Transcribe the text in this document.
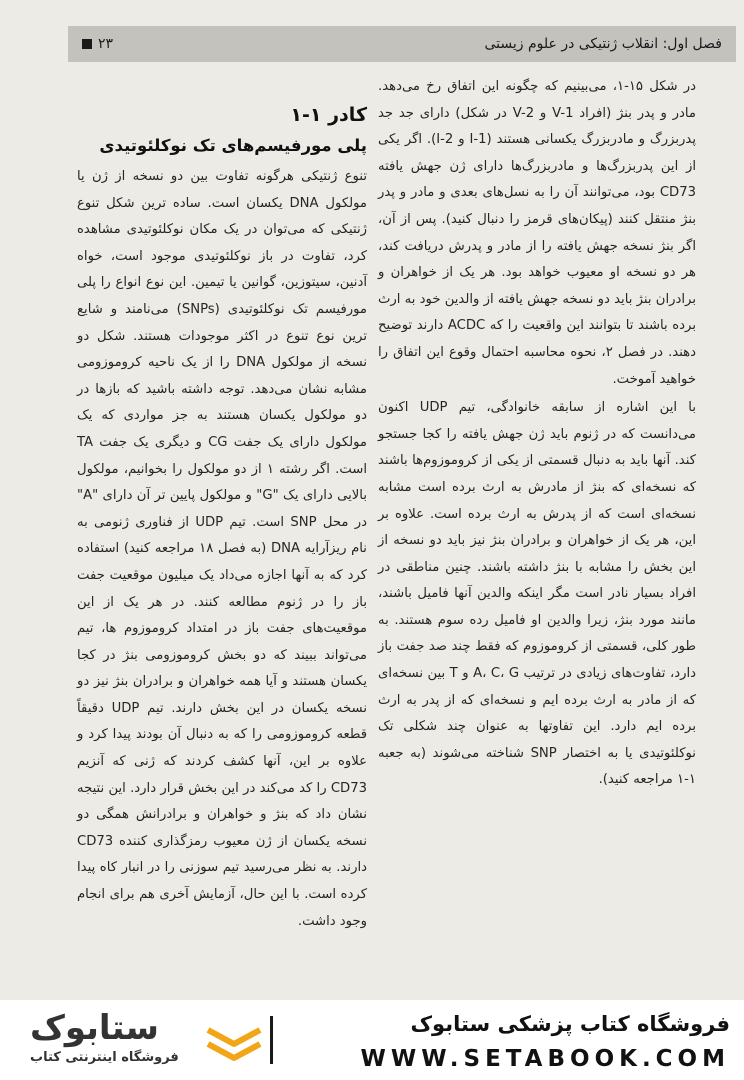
فصل اول: انقلاب ژنتیکی در علوم زیستی
۲۳

در شکل ۱۵-۱، می‌بینیم که چگونه این اتفاق رخ می‌دهد. مادر و پدر بنژ (افراد V-1 و V-2 در شکل) دارای جد جد پدربزرگ و مادربزرگ یکسانی هستند (I-1 و I-2). اگر یکی از این پدربزرگ‌ها و مادربزرگ‌ها دارای ژن جهش یافته CD73 بود، می‌توانند آن را به نسل‌های بعدی و مادر و پدر بنژ منتقل کنند (پیکان‌های قرمز را دنبال کنید). پس از آن، اگر بنژ نسخه جهش یافته را از مادر و پدرش دریافت کند، هر دو نسخه او معیوب خواهد بود. هر یک از خواهران و برادران بنژ باید دو نسخه جهش یافته از والدین خود به ارث برده باشند تا بتوانند این واقعیت را که ACDC دارند توضیح دهند. در فصل ۲، نحوه محاسبه احتمال وقوع این اتفاق را خواهید آموخت.

با این اشاره از سابقه خانوادگی، تیم UDP اکنون می‌دانست که در ژنوم باید ژن جهش یافته را کجا جستجو کند. آنها باید به دنبال قسمتی از یکی از کروموزوم‌ها باشند که نسخه‌ای که بنژ از مادرش به ارث برده است مشابه نسخه‌ای است که از پدرش به ارث برده است. علاوه بر این، هر یک از خواهران و برادران بنژ نیز باید دو نسخه از این بخش را مشابه با بنژ داشته باشند. چنین مناطقی در افراد بسیار نادر است مگر اینکه والدین آنها فامیل باشند، مانند مورد بنژ، زیرا والدین او فامیل رده سوم هستند. به طور کلی، قسمتی از کروموزوم که فقط چند صد جفت باز دارد، تفاوت‌های زیادی در ترتیب A، C، G و T بین نسخه‌ای که از مادر به ارث برده ایم و نسخه‌ای که از پدر به ارث برده ایم دارد. این تفاوتها به عنوان چند شکلی تک نوکلئوتیدی یا به اختصار SNP شناخته می‌شوند (به جعبه ۱-۱ مراجعه کنید).

کادر ۱-۱
پلی مورفیسم‌های تک نوکلئوتیدی

تنوع ژنتیکی هرگونه تفاوت بین دو نسخه از ژن یا مولکول DNA یکسان است. ساده ترین شکل تنوع ژنتیکی که می‌توان در یک مکان نوکلئوتیدی مشاهده کرد، تفاوت در باز نوکلئوتیدی موجود است، خواه آدنین، سیتوزین، گوانین یا تیمین. این نوع انواع را پلی مورفیسم تک نوکلئوتیدی (SNPs) می‌نامند و شایع ترین نوع تنوع در اکثر موجودات هستند. شکل دو نسخه از مولکول DNA را از یک ناحیه کروموزومی مشابه نشان می‌دهد. توجه داشته باشید که بازها در دو مولکول یکسان هستند به جز مواردی که یک مولکول دارای یک جفت CG و دیگری یک جفت TA است. اگر رشته ۱ از دو مولکول را بخوانیم، مولکول بالایی دارای یک "G" و مولکول پایین تر آن دارای "A" در محل SNP است. تیم UDP از فناوری ژنومی به نام ریزآرایه DNA (به فصل ۱۸ مراجعه کنید) استفاده کرد که به آنها اجازه می‌داد یک میلیون موقعیت جفت باز را در ژنوم مطالعه کنند. در هر یک از این موقعیت‌های جفت باز در امتداد کروموزوم ها، تیم می‌تواند ببیند که دو بخش کروموزومی بنژ در کجا یکسان هستند و آیا همه خواهران و برادران بنژ نیز دو نسخه یکسان در این بخش دارند. تیم UDP دقیقاً قطعه کروموزومی را که به دنبال آن بودند پیدا کرد و علاوه بر این، آنها کشف کردند که ژنی که آنزیم CD73 را کد می‌کند در این بخش قرار دارد. این نتیجه نشان داد که بنژ و خواهران و برادرانش همگی دو نسخه یکسان از ژن معیوب رمزگذاری کننده CD73 دارند. به نظر می‌رسید تیم سوزنی را در انبار کاه پیدا کرده است. با این حال، آزمایش آخری هم برای انجام وجود داشت.

ستابوک
فروشگاه اینترنتی کتاب
فروشگاه کتاب پزشکی ستابوک
WWW.SETABOOK.COM
